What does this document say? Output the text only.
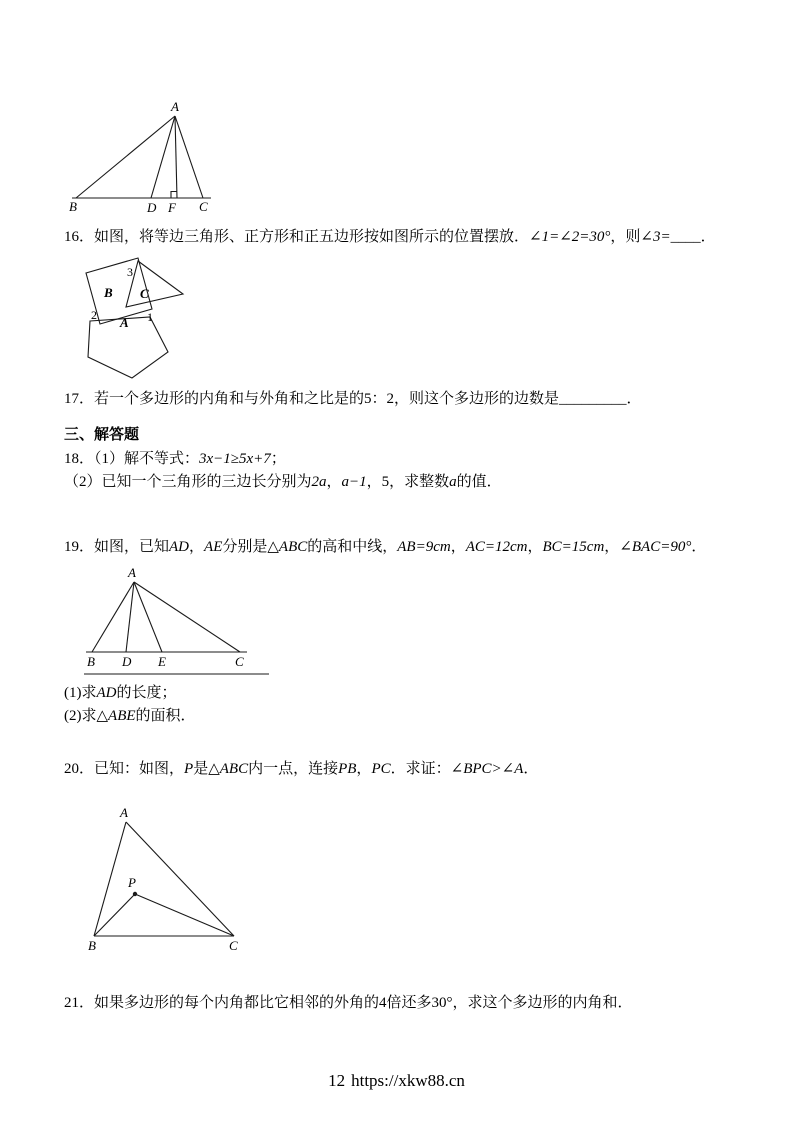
A
B	D F C
16．如图，将等边三角形、正方形和正五边形按如图所示的位置摆放．∠1=∠2=30°，则∠3=____．
3
B C
2 A 1
17．若一个多边形的内角和与外角和之比是的5：2，则这个多边形的边数是_________．
三、解答题
18．（1）解不等式：3x−1≥5x+7；
（2）已知一个三角形的三边长分别为2a，a−1，5，求整数a的值．
19．如图，已知AD，AE分别是△ABC的高和中线，AB=9cm，AC=12cm，BC=15cm，∠BAC=90°．
A
B D E	C
(1)求AD的长度；
(2)求△ABE的面积．
20．已知：如图，P是△ABC内一点，连接PB，PC．求证：∠BPC>∠A．
A
P
B	C
21．如果多边形的每个内角都比它相邻的外角的4倍还多30°，求这个多边形的内角和．
12 https://xkw88.cn
